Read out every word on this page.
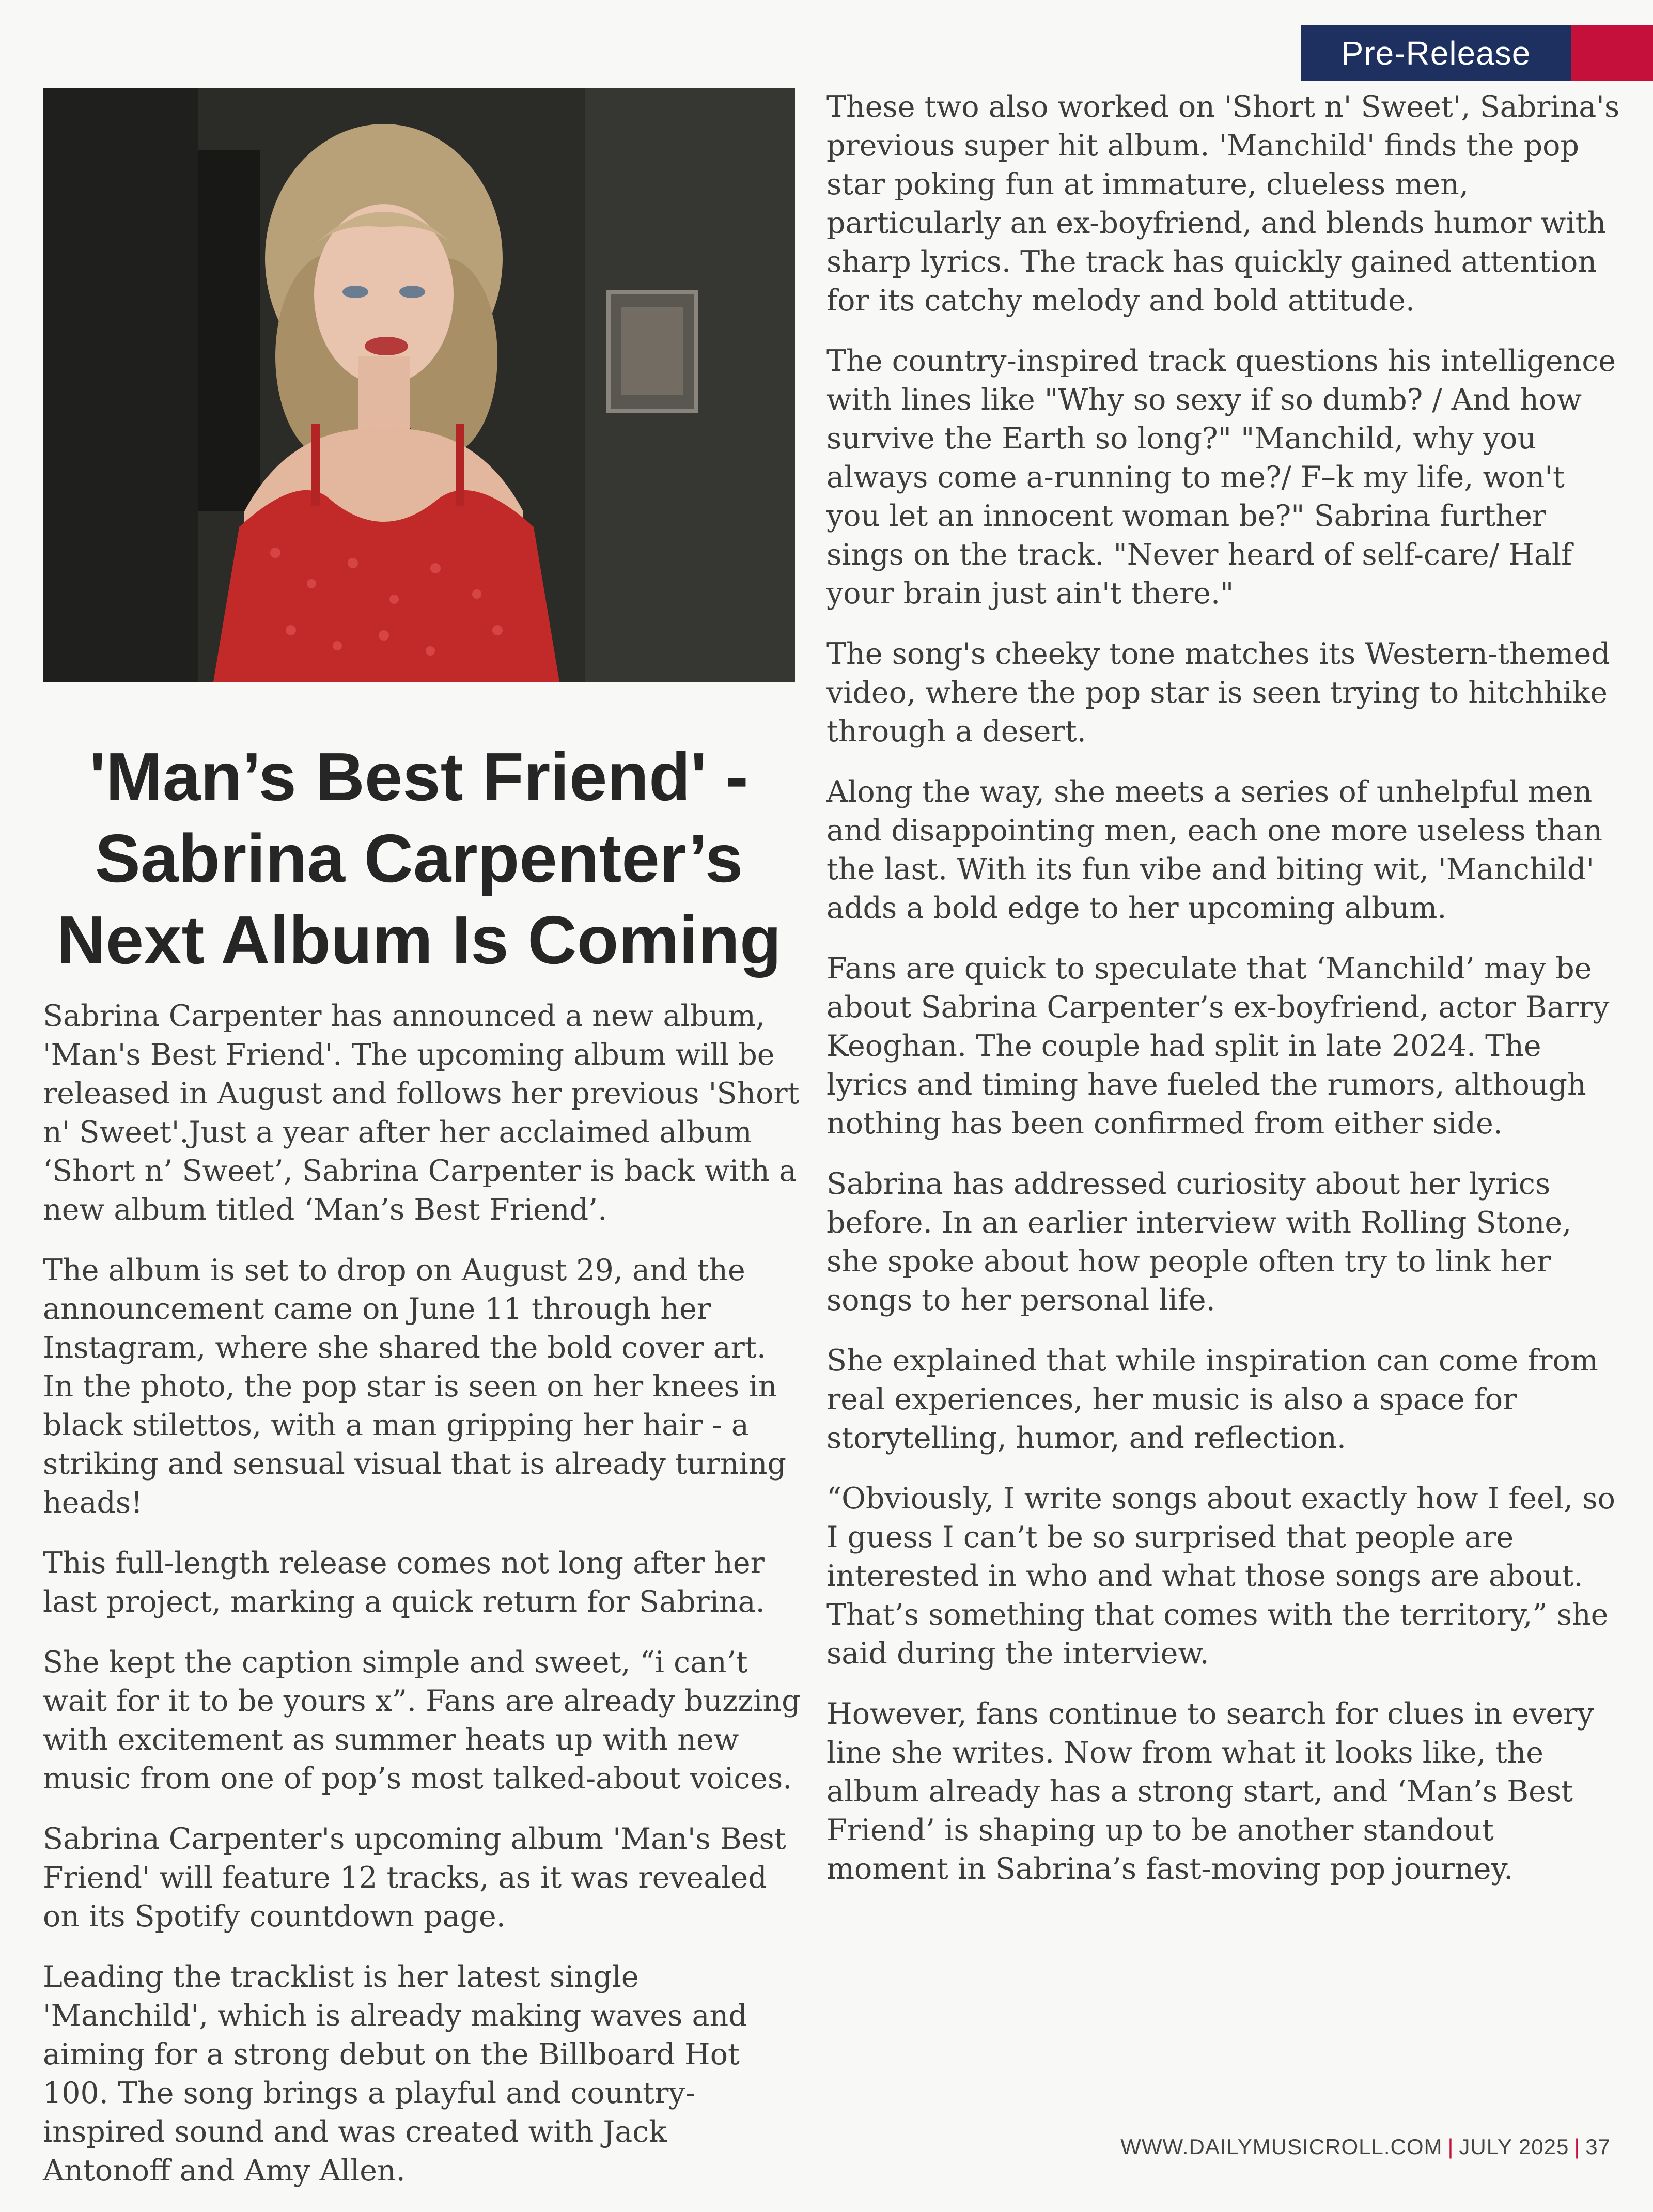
Pre-Release
'Man’s Best Friend' -
Sabrina Carpenter’s
Next Album Is Coming

Sabrina Carpenter has announced a new album, 'Man's Best Friend'. The upcoming album will be released in August and follows her previous 'Short n' Sweet'.Just a year after her acclaimed album ‘Short n’ Sweet’, Sabrina Carpenter is back with a new album titled ‘Man’s Best Friend’.

The album is set to drop on August 29, and the announcement came on June 11 through her Instagram, where she shared the bold cover art. In the photo, the pop star is seen on her knees in black stilettos, with a man gripping her hair - a striking and sensual visual that is already turning heads!

This full-length release comes not long after her last project, marking a quick return for Sabrina.

She kept the caption simple and sweet, “i can’t wait for it to be yours x”. Fans are already buzzing with excitement as summer heats up with new music from one of pop’s most talked-about voices.

Sabrina Carpenter's upcoming album 'Man's Best Friend' will feature 12 tracks, as it was revealed on its Spotify countdown page.

Leading the tracklist is her latest single 'Manchild', which is already making waves and aiming for a strong debut on the Billboard Hot 100. The song brings a playful and country-inspired sound and was created with Jack Antonoff and Amy Allen.

These two also worked on 'Short n' Sweet', Sabrina's previous super hit album. 'Manchild' finds the pop star poking fun at immature, clueless men, particularly an ex-boyfriend, and blends humor with sharp lyrics. The track has quickly gained attention for its catchy melody and bold attitude.

The country-inspired track questions his intelligence with lines like "Why so sexy if so dumb? / And how survive the Earth so long?" "Manchild, why you always come a-running to me?/ F–k my life, won't you let an innocent woman be?" Sabrina further sings on the track. "Never heard of self-care/ Half your brain just ain't there."

The song's cheeky tone matches its Western-themed video, where the pop star is seen trying to hitchhike through a desert.

Along the way, she meets a series of unhelpful men and disappointing men, each one more useless than the last. With its fun vibe and biting wit, 'Manchild' adds a bold edge to her upcoming album.

Fans are quick to speculate that ‘Manchild’ may be about Sabrina Carpenter’s ex-boyfriend, actor Barry Keoghan. The couple had split in late 2024. The lyrics and timing have fueled the rumors, although nothing has been confirmed from either side.

Sabrina has addressed curiosity about her lyrics before. In an earlier interview with Rolling Stone, she spoke about how people often try to link her songs to her personal life.

She explained that while inspiration can come from real experiences, her music is also a space for storytelling, humor, and reflection.

“Obviously, I write songs about exactly how I feel, so I guess I can’t be so surprised that people are interested in who and what those songs are about. That’s something that comes with the territory,” she said during the interview.

However, fans continue to search for clues in every line she writes. Now from what it looks like, the album already has a strong start, and ‘Man’s Best Friend’ is shaping up to be another standout moment in Sabrina’s fast-moving pop journey.

WWW.DAILYMUSICROLL.COM | JULY 2025 | 37
